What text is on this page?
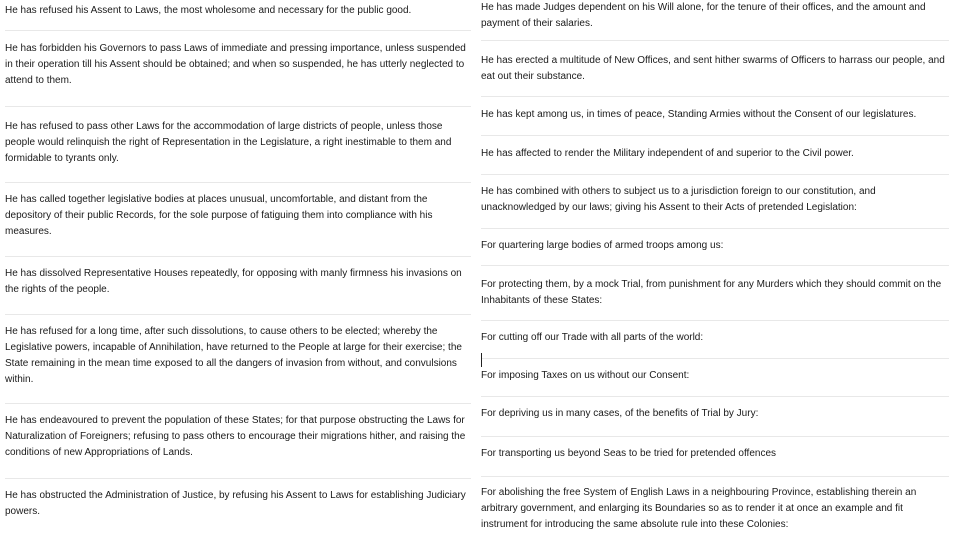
He has refused his Assent to Laws, the most wholesome and necessary for the public good.

He has forbidden his Governors to pass Laws of immediate and pressing importance, unless suspended in their operation till his Assent should be obtained; and when so suspended, he has utterly neglected to attend to them.

He has refused to pass other Laws for the accommodation of large districts of people, unless those people would relinquish the right of Representation in the Legislature, a right inestimable to them and formidable to tyrants only.

He has called together legislative bodies at places unusual, uncomfortable, and distant from the depository of their public Records, for the sole purpose of fatiguing them into compliance with his measures.

He has dissolved Representative Houses repeatedly, for opposing with manly firmness his invasions on the rights of the people.

He has refused for a long time, after such dissolutions, to cause others to be elected; whereby the Legislative powers, incapable of Annihilation, have returned to the People at large for their exercise; the State remaining in the mean time exposed to all the dangers of invasion from without, and convulsions within.

He has endeavoured to prevent the population of these States; for that purpose obstructing the Laws for Naturalization of Foreigners; refusing to pass others to encourage their migrations hither, and raising the conditions of new Appropriations of Lands.

He has obstructed the Administration of Justice, by refusing his Assent to Laws for establishing Judiciary powers.

He has made Judges dependent on his Will alone, for the tenure of their offices, and the amount and payment of their salaries.

He has erected a multitude of New Offices, and sent hither swarms of Officers to harrass our people, and eat out their substance.

He has kept among us, in times of peace, Standing Armies without the Consent of our legislatures.

He has affected to render the Military independent of and superior to the Civil power.

He has combined with others to subject us to a jurisdiction foreign to our constitution, and unacknowledged by our laws; giving his Assent to their Acts of pretended Legislation:

For quartering large bodies of armed troops among us:

For protecting them, by a mock Trial, from punishment for any Murders which they should commit on the Inhabitants of these States:

For cutting off our Trade with all parts of the world:

For imposing Taxes on us without our Consent:

For depriving us in many cases, of the benefits of Trial by Jury:

For transporting us beyond Seas to be tried for pretended offences

For abolishing the free System of English Laws in a neighbouring Province, establishing therein an arbitrary government, and enlarging its Boundaries so as to render it at once an example and fit instrument for introducing the same absolute rule into these Colonies:
